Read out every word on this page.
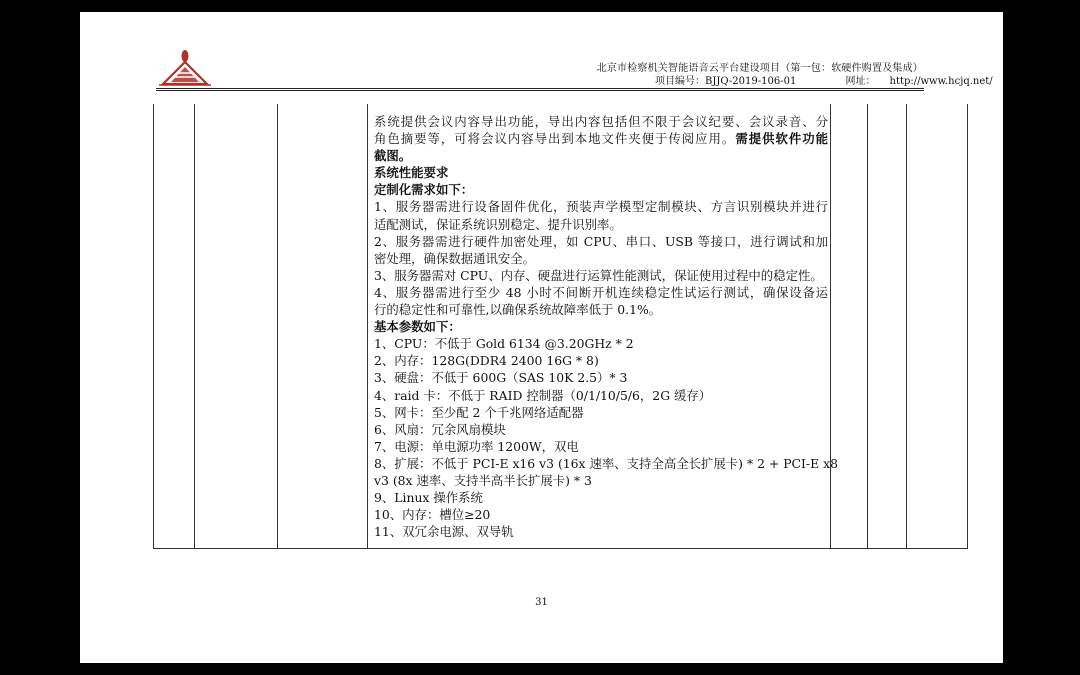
北京市检察机关智能语音云平台建设项目（第一包：软硬件购置及集成）
项目编号：BJJQ-2019-106-01	网址： http://www.hcjq.net/
系统提供会议内容导出功能，导出内容包括但不限于会议纪要、会议录音、分
角色摘要等，可将会议内容导出到本地文件夹便于传阅应用。需提供软件功能
截图。
系统性能要求
定制化需求如下：
1、服务器需进行设备固件优化，预装声学模型定制模块、方言识别模块并进行
适配测试，保证系统识别稳定、提升识别率。
2、服务器需进行硬件加密处理，如 CPU、串口、USB 等接口，进行调试和加
密处理，确保数据通讯安全。
3、服务器需对 CPU、内存、硬盘进行运算性能测试，保证使用过程中的稳定性。
4、服务器需进行至少 48 小时不间断开机连续稳定性试运行测试，确保设备运
行的稳定性和可靠性,以确保系统故障率低于 0.1%。
基本参数如下：
1、CPU：不低于 Gold 6134 @3.20GHz * 2
2、内存：128G(DDR4 2400 16G * 8)
3、硬盘：不低于 600G（SAS 10K 2.5）* 3
4、raid 卡：不低于 RAID 控制器（0/1/10/5/6，2G 缓存）
5、网卡：至少配 2 个千兆网络适配器
6、风扇：冗余风扇模块
7、电源：单电源功率 1200W，双电
8、扩展：不低于 PCI-E x16 v3 (16x 速率、支持全高全长扩展卡) * 2 + PCI-E x8
v3 (8x 速率、支持半高半长扩展卡) * 3
9、Linux 操作系统
10、内存：槽位≥20
11、双冗余电源、双导轨
31
